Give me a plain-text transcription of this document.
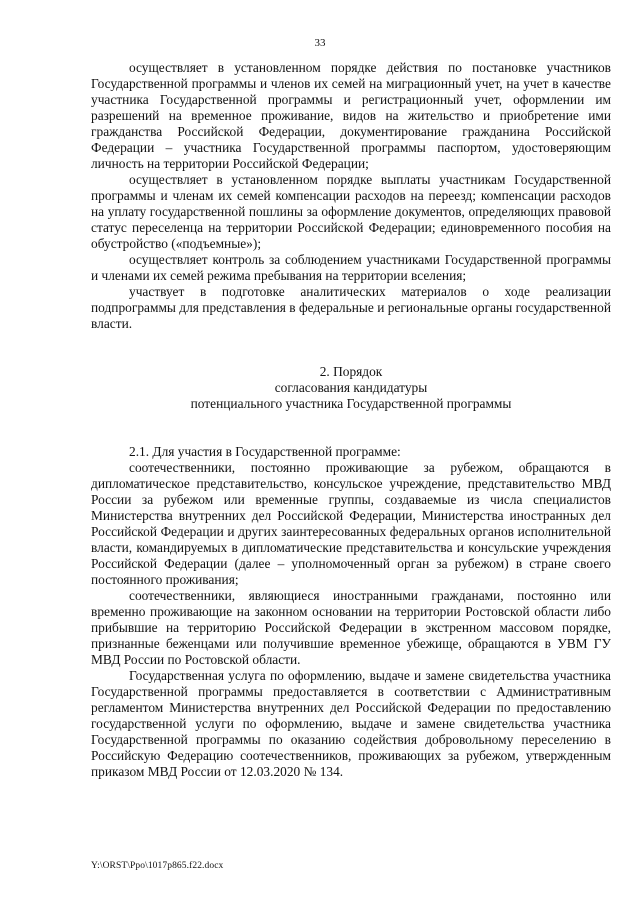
33

осуществляет в установленном порядке действия по постановке участников Государственной программы и членов их семей на миграционный учет, на учет в качестве участника Государственной программы и регистрационный учет, оформлении им разрешений на временное проживание, видов на жительство и приобретение ими гражданства Российской Федерации, документирование гражданина Российской Федерации – участника Государственной программы паспортом, удостоверяющим личность на территории Российской Федерации;

осуществляет в установленном порядке выплаты участникам Государственной программы и членам их семей компенсации расходов на переезд; компенсации расходов на уплату государственной пошлины за оформление документов, определяющих правовой статус переселенца на территории Российской Федерации; единовременного пособия на обустройство («подъемные»);

осуществляет контроль за соблюдением участниками Государственной программы и членами их семей режима пребывания на территории вселения;

участвует в подготовке аналитических материалов о ходе реализации подпрограммы для представления в федеральные и региональные органы государственной власти.

2. Порядок

согласования кандидатуры

потенциального участника Государственной программы

2.1. Для участия в Государственной программе:

соотечественники, постоянно проживающие за рубежом, обращаются в дипломатическое представительство, консульское учреждение, представительство МВД России за рубежом или временные группы, создаваемые из числа специалистов Министерства внутренних дел Российской Федерации, Министерства иностранных дел Российской Федерации и других заинтересованных федеральных органов исполнительной власти, командируемых в дипломатические представительства и консульские учреждения Российской Федерации (далее – уполномоченный орган за рубежом) в стране своего постоянного проживания;

соотечественники, являющиеся иностранными гражданами, постоянно или временно проживающие на законном основании на территории Ростовской области либо прибывшие на территорию Российской Федерации в экстренном массовом порядке, признанные беженцами или получившие временное убежище, обращаются в УВМ ГУ МВД России по Ростовской области.

Государственная услуга по оформлению, выдаче и замене свидетельства участника Государственной программы предоставляется в соответствии с Административным регламентом Министерства внутренних дел Российской Федерации по предоставлению государственной услуги по оформлению, выдаче и замене свидетельства участника Государственной программы по оказанию содействия добровольному переселению в Российскую Федерацию соотечественников, проживающих за рубежом, утвержденным приказом МВД России от 12.03.2020 № 134.

Y:\ORST\Ppo\1017p865.f22.docx
